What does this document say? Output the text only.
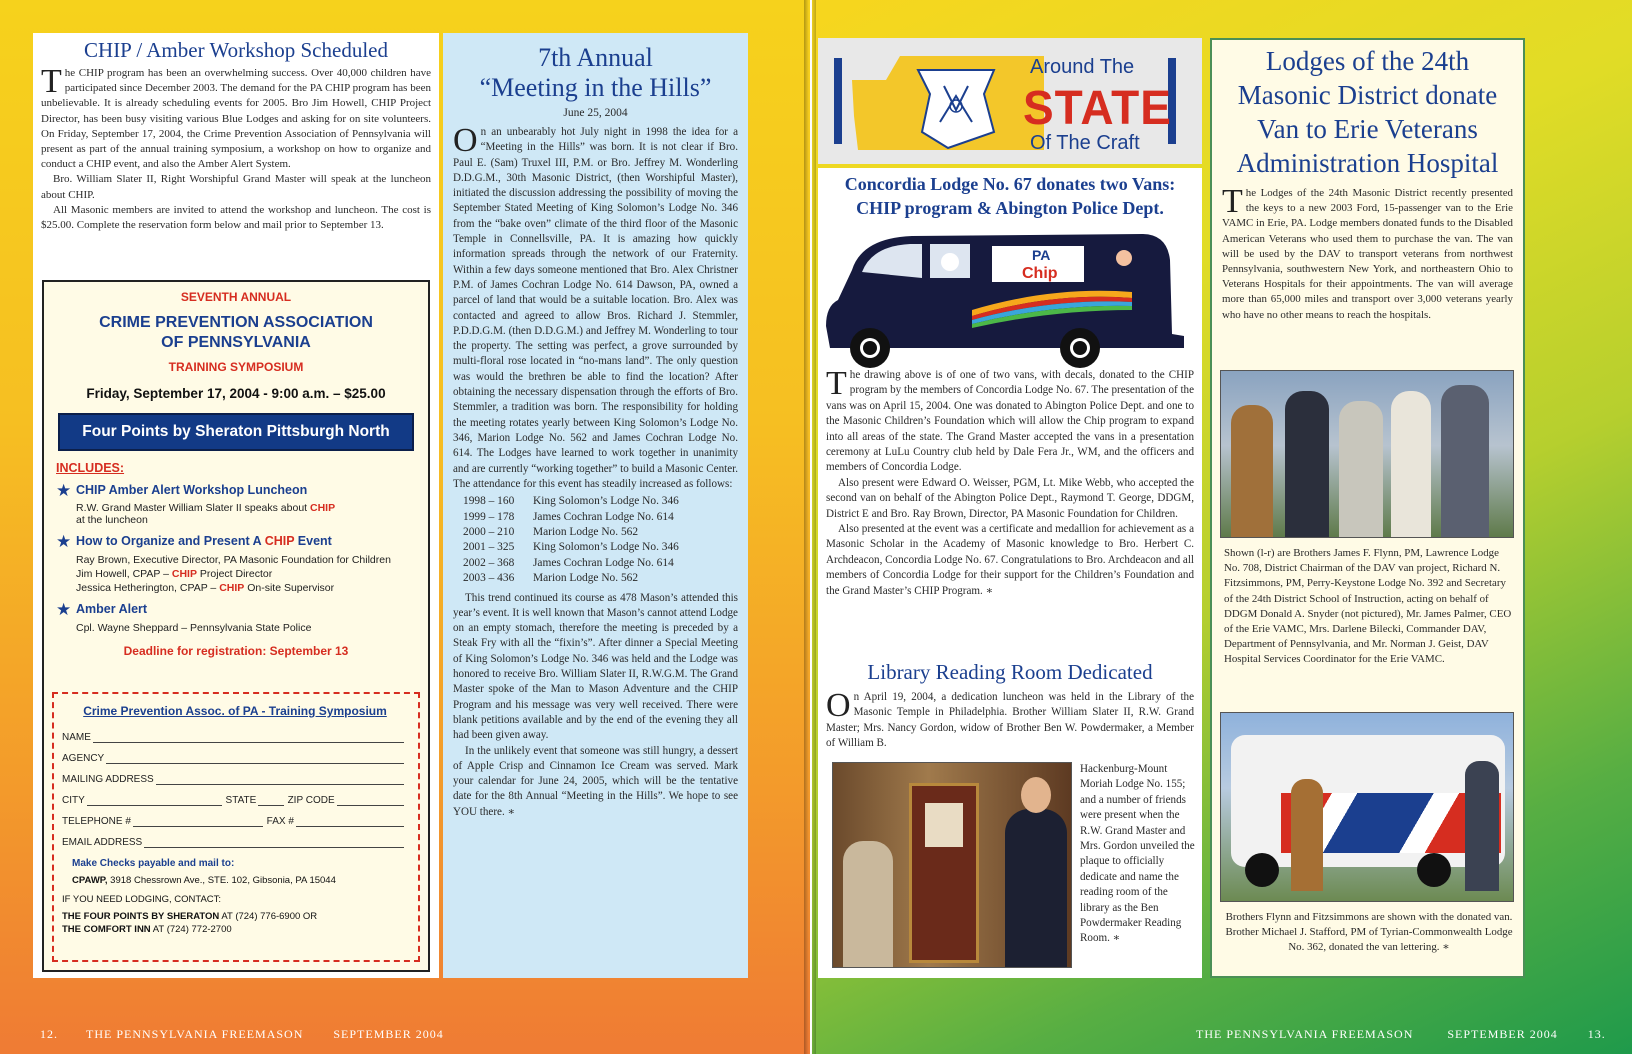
CHIP / Amber Workshop Scheduled

The CHIP program has been an overwhelming success. Over 40,000 children have participated since December 2003. The demand for the PA CHIP program has been unbelievable. It is already scheduling events for 2005. Bro Jim Howell, CHIP Project Director, has been busy visiting various Blue Lodges and asking for on site volunteers. On Friday, September 17, 2004, the Crime Prevention Association of Pennsylvania will present as part of the annual training symposium, a workshop on how to organize and conduct a CHIP event, and also the Amber Alert System.

Bro. William Slater II, Right Worshipful Grand Master will speak at the luncheon about CHIP.

All Masonic members are invited to attend the workshop and luncheon. The cost is $25.00. Complete the reservation form below and mail prior to September 13.

SEVENTH ANNUAL
CRIME PREVENTION ASSOCIATION
OF PENNSYLVANIA
TRAINING SYMPOSIUM
Friday, September 17, 2004 - 9:00 a.m. – $25.00
Four Points by Sheraton Pittsburgh North
INCLUDES:
★ CHIP Amber Alert Workshop Luncheon
R.W. Grand Master William Slater II speaks about CHIP
at the luncheon
★ How to Organize and Present A CHIP Event
Ray Brown, Executive Director, PA Masonic Foundation for Children
Jim Howell, CPAP – CHIP Project Director
Jessica Hetherington, CPAP – CHIP On-site Supervisor
★ Amber Alert
Cpl. Wayne Sheppard – Pennsylvania State Police
Deadline for registration: September 13
Crime Prevention Assoc. of PA - Training Symposium
NAME
AGENCY
MAILING ADDRESS
CITY	STATE	ZIP CODE
TELEPHONE #	FAX #
EMAIL ADDRESS
Make Checks payable and mail to:
CPAWP, 3918 Chessrown Ave., STE. 102, Gibsonia, PA 15044
IF YOU NEED LODGING, CONTACT:
THE FOUR POINTS BY SHERATON AT (724) 776-6900 OR
THE COMFORT INN AT (724) 772-2700
7th Annual
“Meeting in the Hills”
June 25, 2004

On an unbearably hot July night in 1998 the idea for a “Meeting in the Hills” was born. It is not clear if Bro. Paul E. (Sam) Truxel III, P.M. or Bro. Jeffrey M. Wonderling D.D.G.M., 30th Masonic District, (then Worshipful Master), initiated the discussion addressing the possibility of moving the September Stated Meeting of King Solomon’s Lodge No. 346 from the “bake oven” climate of the third floor of the Masonic Temple in Connellsville, PA. It is amazing how quickly information spreads through the network of our Fraternity. Within a few days someone mentioned that Bro. Alex Christner P.M. of James Cochran Lodge No. 614 Dawson, PA, owned a parcel of land that would be a suitable location. Bro. Alex was contacted and agreed to allow Bros. Richard J. Stemmler, P.D.D.G.M. (then D.D.G.M.) and Jeffrey M. Wonderling to tour the property. The setting was perfect, a grove surrounded by multi-floral rose located in “no-mans land”. The only question was would the brethren be able to find the location? After obtaining the necessary dispensation through the efforts of Bro. Stemmler, a tradition was born. The responsibility for holding the meeting rotates yearly between King Solomon’s Lodge No. 346, Marion Lodge No. 562 and James Cochran Lodge No. 614. The Lodges have learned to work together in unanimity and are currently “working together” to build a Masonic Center. The attendance for this event has steadily increased as follows:

1998 – 160	King Solomon’s Lodge No. 346
1999 – 178	James Cochran Lodge No. 614
2000 – 210	Marion Lodge No. 562
2001 – 325	King Solomon’s Lodge No. 346
2002 – 368	James Cochran Lodge No. 614
2003 – 436	Marion Lodge No. 562

This trend continued its course as 478 Mason’s attended this year’s event. It is well known that Mason’s cannot attend Lodge on an empty stomach, therefore the meeting is preceded by a Steak Fry with all the “fixin’s”. After dinner a Special Meeting of King Solomon’s Lodge No. 346 was held and the Lodge was honored to receive Bro. William Slater II, R.W.G.M. The Grand Master spoke of the Man to Mason Adventure and the CHIP Program and his message was very well received. There were blank petitions available and by the end of the evening they all had been given away.

In the unlikely event that someone was still hungry, a dessert of Apple Crisp and Cinnamon Ice Cream was served. Mark your calendar for June 24, 2005, which will be the tentative date for the 8th Annual “Meeting in the Hills”. We hope to see YOU there. ∗

12. THE PENNSYLVANIA FREEMASON	SEPTEMBER 2004
Around The
STATE
Of The Craft
Concordia Lodge No. 67 donates two Vans:
CHIP program & Abington Police Dept.
PA
Chip

The drawing above is of one of two vans, with decals, donated to the CHIP program by the members of Concordia Lodge No. 67. The presentation of the vans was on April 15, 2004. One was donated to Abington Police Dept. and one to the Masonic Children’s Foundation which will allow the Chip program to expand into all areas of the state. The Grand Master accepted the vans in a presentation ceremony at LuLu Country club held by Dale Fera Jr., WM, and the officers and members of Concordia Lodge.

Also present were Edward O. Weisser, PGM, Lt. Mike Webb, who accepted the second van on behalf of the Abington Police Dept., Raymond T. George, DDGM, District E and Bro. Ray Brown, Director, PA Masonic Foundation for Children.

Also presented at the event was a certificate and medallion for achievement as a Masonic Scholar in the Academy of Masonic knowledge to Bro. Herbert C. Archdeacon, Concordia Lodge No. 67. Congratulations to Bro. Archdeacon and all members of Concordia Lodge for their support for the Children’s Foundation and the Grand Master’s CHIP Program. ∗

Library Reading Room Dedicated

On April 19, 2004, a dedication luncheon was held in the Library of the Masonic Temple in Philadelphia. Brother William Slater II, R.W. Grand Master; Mrs. Nancy Gordon, widow of Brother Ben W. Powdermaker, a Member of William B.

Hackenburg-Mount Moriah Lodge No. 155; and a number of friends were present when the R.W. Grand Master and Mrs. Gordon unveiled the plaque to officially dedicate and name the reading room of the library as the Ben Powdermaker Reading Room. ∗
Lodges of the 24th Masonic District donate Van to Erie Veterans Administration Hospital

The Lodges of the 24th Masonic District recently presented the keys to a new 2003 Ford, 15-passenger van to the Erie VAMC in Erie, PA. Lodge members donated funds to the Disabled American Veterans who used them to purchase the van. The van will be used by the DAV to transport veterans from northwest Pennsylvania, southwestern New York, and northeastern Ohio to Veterans Hospitals for their appointments. The van will average more than 65,000 miles and transport over 3,000 veterans yearly who have no other means to reach the hospitals.

Shown (l-r) are Brothers James F. Flynn, PM, Lawrence Lodge No. 708, District Chairman of the DAV van project, Richard N. Fitzsimmons, PM, Perry-Keystone Lodge No. 392 and Secretary of the 24th District School of Instruction, acting on behalf of DDGM Donald A. Snyder (not pictured), Mr. James Palmer, CEO of the Erie VAMC, Mrs. Darlene Bilecki, Commander DAV, Department of Pennsylvania, and Mr. Norman J. Geist, DAV Hospital Services Coordinator for the Erie VAMC.
Brothers Flynn and Fitzsimmons are shown with the donated van. Brother Michael J. Stafford, PM of Tyrian-Commonwealth Lodge No. 362, donated the van lettering. ∗
THE PENNSYLVANIA FREEMASON	SEPTEMBER 2004	13.
